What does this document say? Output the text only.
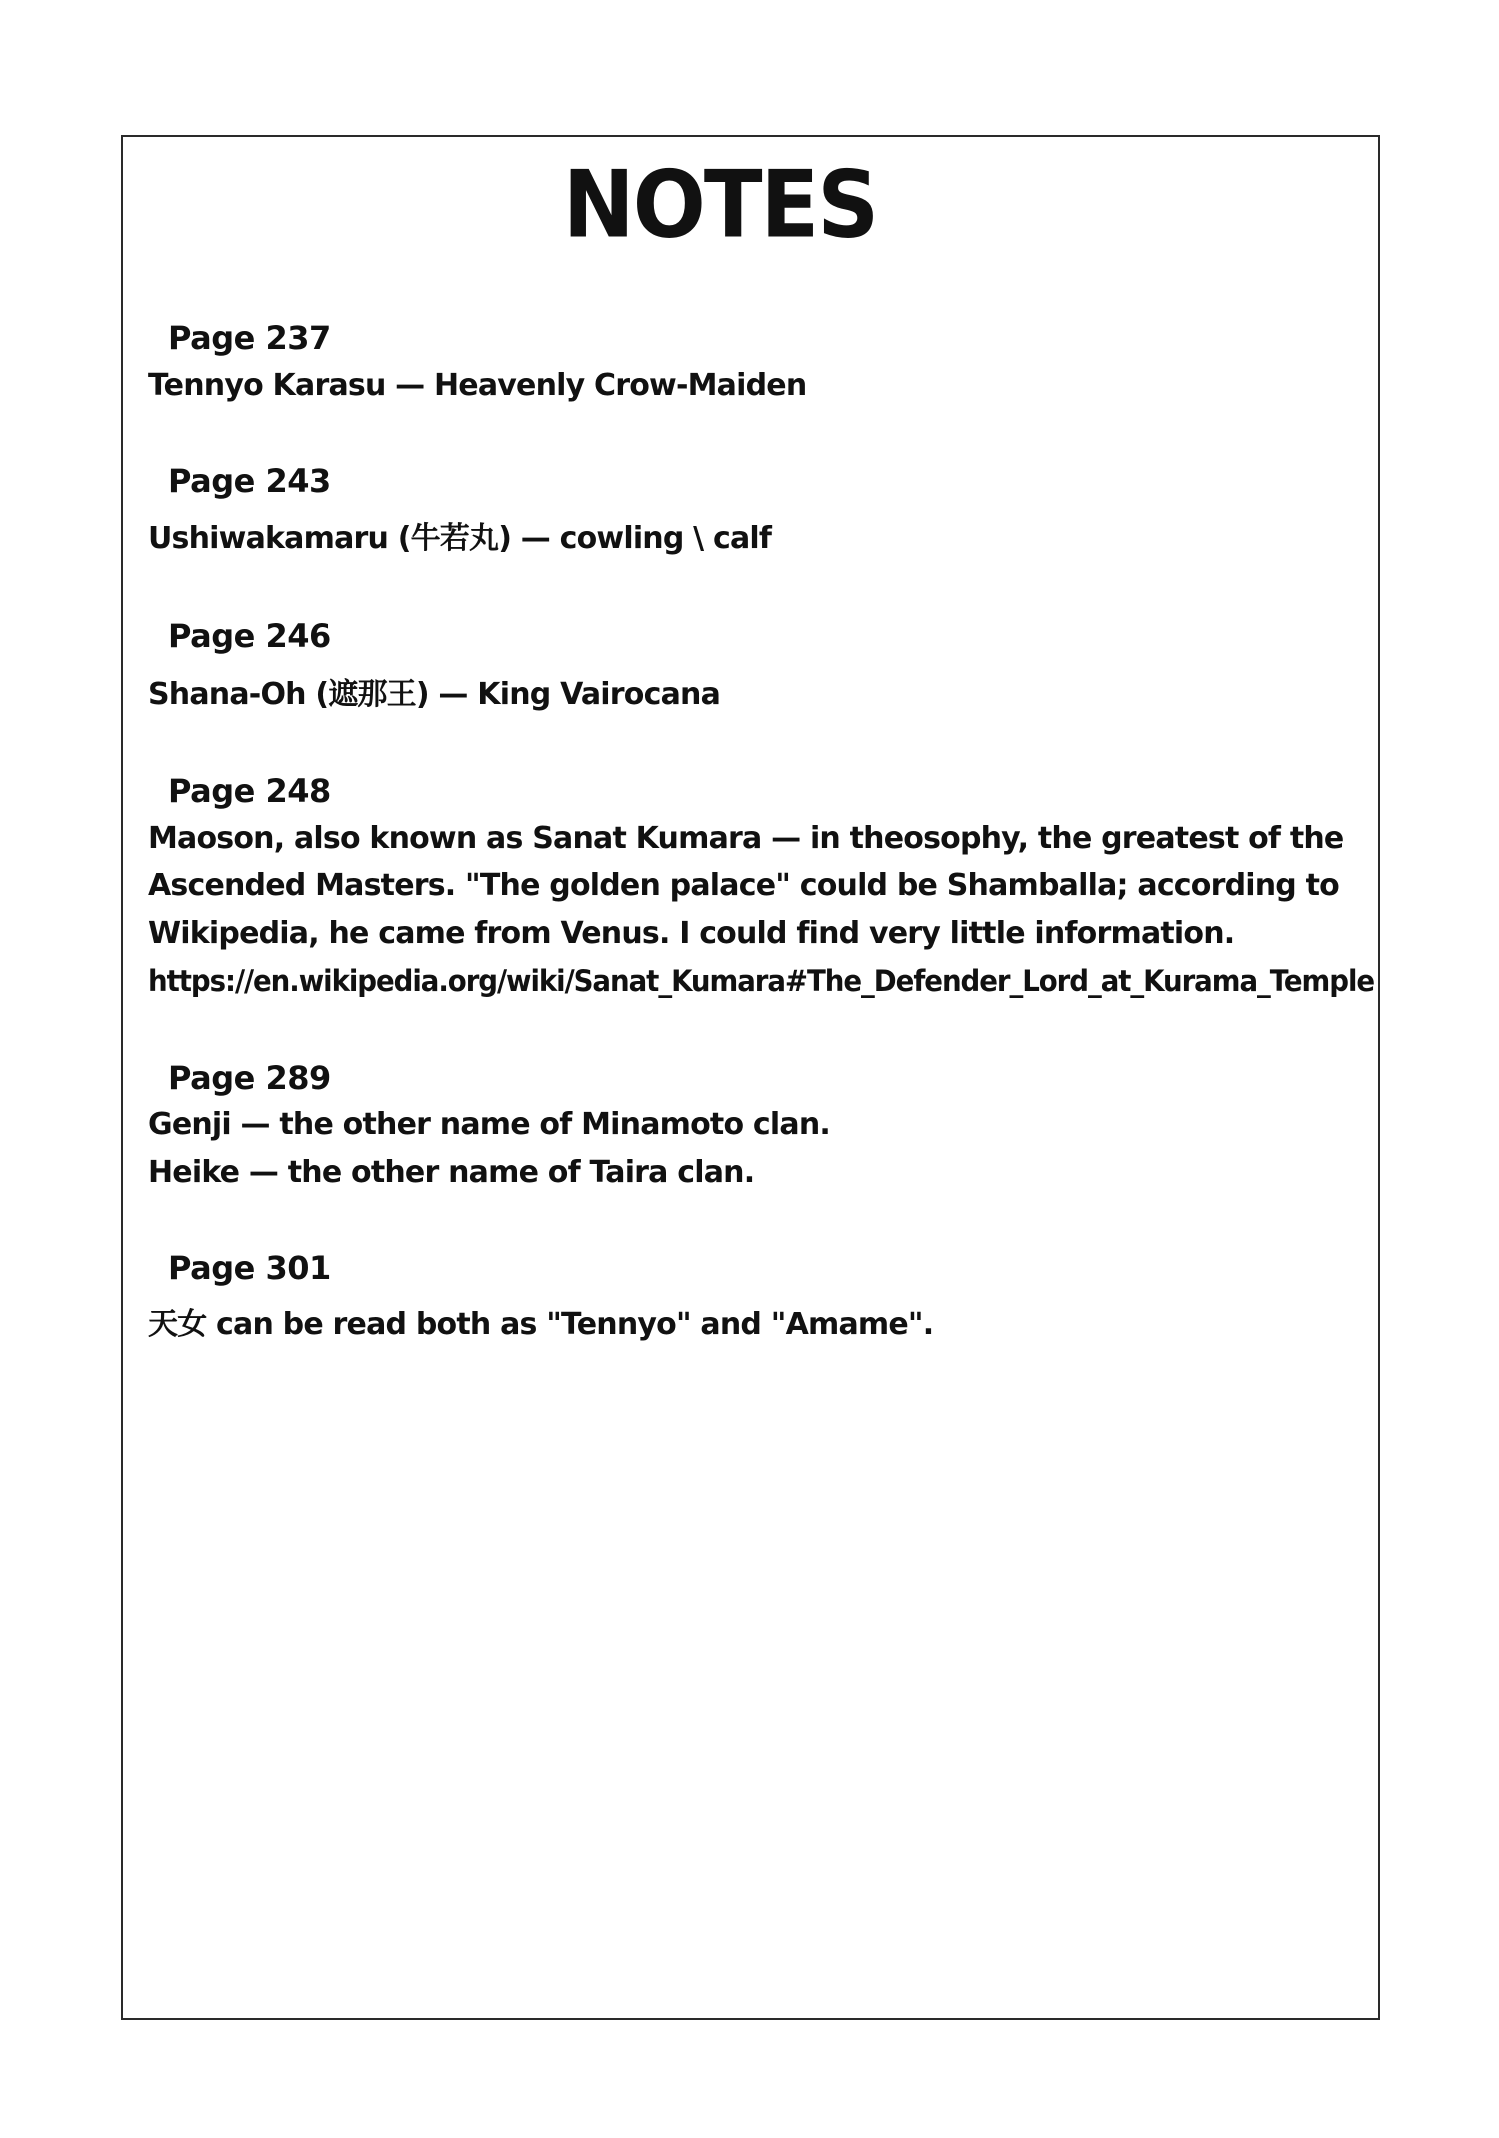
NOTES
Page 237
Tennyo Karasu — Heavenly Crow-Maiden
Page 243
Ushiwakamaru (牛若丸) — cowling \ calf
Page 246
Shana-Oh (遮那王) — King Vairocana
Page 248
Maoson, also known as Sanat Kumara — in theosophy, the greatest of the
Ascended Masters. "The golden palace" could be Shamballa; according to
Wikipedia, he came from Venus. I could find very little information.
https://en.wikipedia.org/wiki/Sanat_Kumara#The_Defender_Lord_at_Kurama_Temple
Page 289
Genji — the other name of Minamoto clan.
Heike — the other name of Taira clan.
Page 301
天女 can be read both as "Tennyo" and "Amame".
